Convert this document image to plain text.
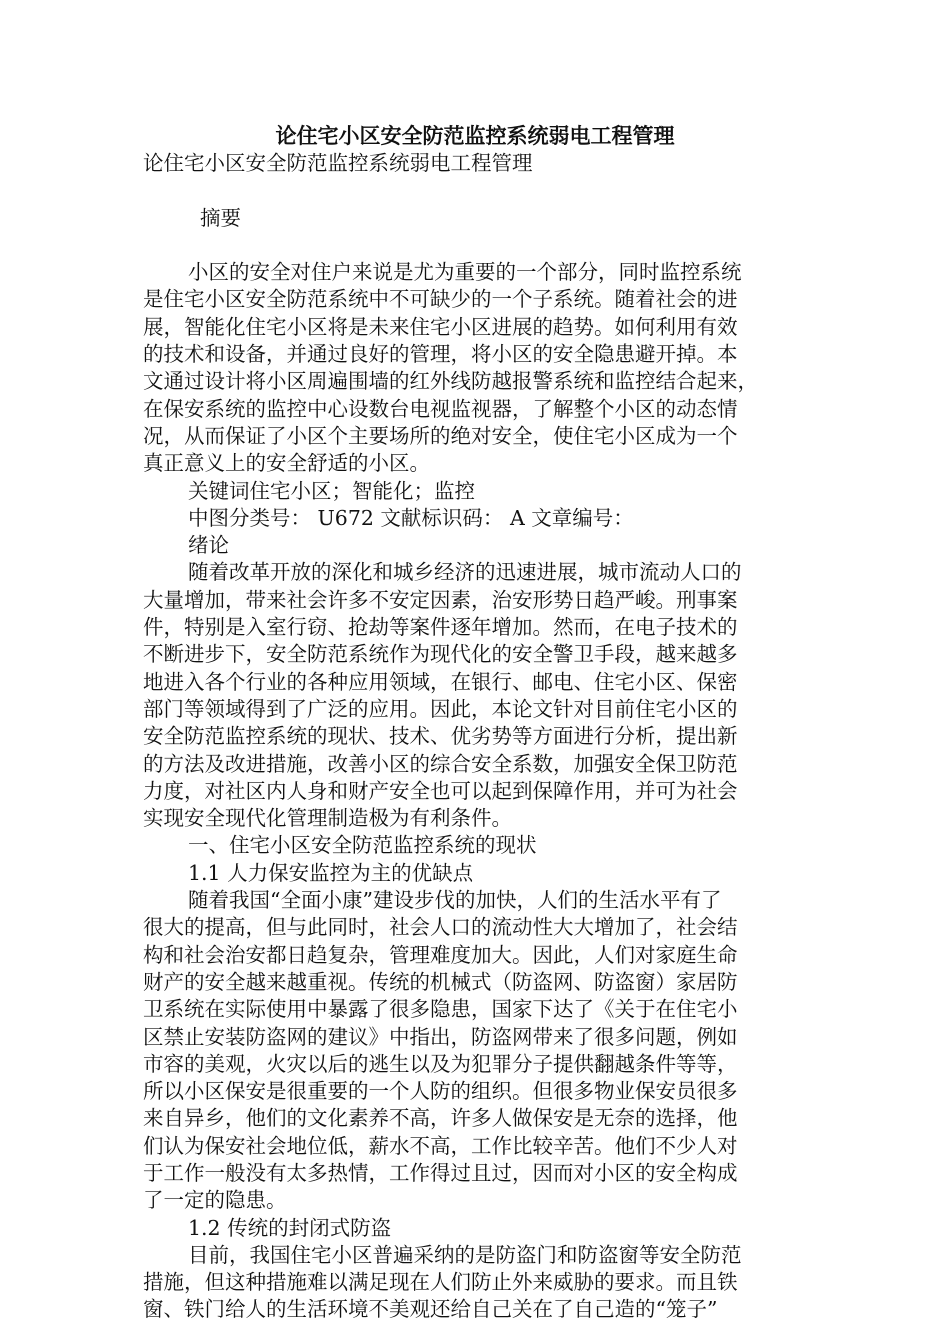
论住宅小区安全防范监控系统弱电工程管理

论住宅小区安全防范监控系统弱电工程管理

摘要

小区的安全对住户来说是尤为重要的一个部分，同时监控系统

是住宅小区安全防范系统中不可缺少的一个子系统。随着社会的进

展，智能化住宅小区将是未来住宅小区进展的趋势。如何利用有效

的技术和设备，并通过良好的管理，将小区的安全隐患避开掉。本

文通过设计将小区周遍围墙的红外线防越报警系统和监控结合起来，

在保安系统的监控中心设数台电视监视器，了解整个小区的动态情

况，从而保证了小区个主要场所的绝对安全，使住宅小区成为一个

真正意义上的安全舒适的小区。

关键词住宅小区；智能化；监控

中图分类号： U672 文献标识码： A 文章编号：

绪论

随着改革开放的深化和城乡经济的迅速进展，城市流动人口的

大量增加，带来社会许多不安定因素，治安形势日趋严峻。刑事案

件，特别是入室行窃、抢劫等案件逐年增加。然而，在电子技术的

不断进步下，安全防范系统作为现代化的安全警卫手段，越来越多

地进入各个行业的各种应用领域，在银行、邮电、住宅小区、保密

部门等领域得到了广泛的应用。因此，本论文针对目前住宅小区的

安全防范监控系统的现状、技术、优劣势等方面进行分析，提出新

的方法及改进措施，改善小区的综合安全系数，加强安全保卫防范

力度，对社区内人身和财产安全也可以起到保障作用，并可为社会

实现安全现代化管理制造极为有利条件。

一、住宅小区安全防范监控系统的现状

1.1 人力保安监控为主的优缺点

随着我国“全面小康”建设步伐的加快，人们的生活水平有了

很大的提高，但与此同时，社会人口的流动性大大增加了，社会结

构和社会治安都日趋复杂，管理难度加大。因此，人们对家庭生命

财产的安全越来越重视。传统的机械式（防盗网、防盗窗）家居防

卫系统在实际使用中暴露了很多隐患，国家下达了《关于在住宅小

区禁止安装防盗网的建议》中指出，防盗网带来了很多问题，例如

市容的美观，火灾以后的逃生以及为犯罪分子提供翻越条件等等，

所以小区保安是很重要的一个人防的组织。但很多物业保安员很多

来自异乡，他们的文化素养不高，许多人做保安是无奈的选择，他

们认为保安社会地位低，薪水不高，工作比较辛苦。他们不少人对

于工作一般没有太多热情，工作得过且过，因而对小区的安全构成

了一定的隐患。

1.2 传统的封闭式防盗

目前，我国住宅小区普遍采纳的是防盗门和防盗窗等安全防范

措施，但这种措施难以满足现在人们防止外来威胁的要求。而且铁

窗、铁门给人的生活环境不美观还给自己关在了自己造的“笼子”
